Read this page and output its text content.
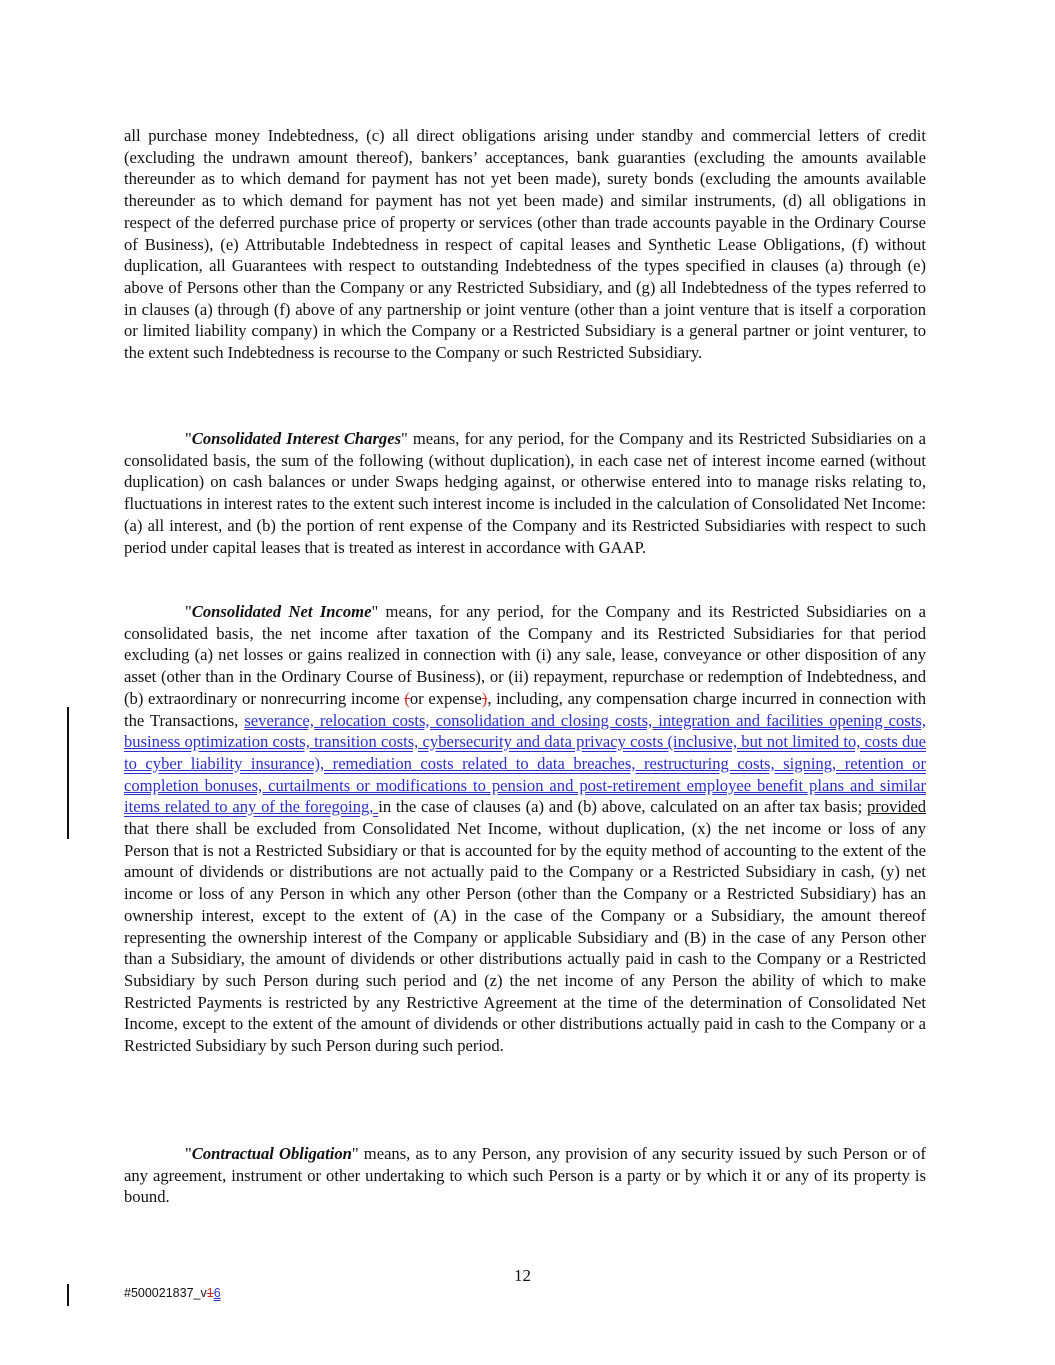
all purchase money Indebtedness, (c) all direct obligations arising under standby and commercial letters of credit (excluding the undrawn amount thereof), bankers’ acceptances, bank guaranties (excluding the amounts available thereunder as to which demand for payment has not yet been made), surety bonds (excluding the amounts available thereunder as to which demand for payment has not yet been made) and similar instruments, (d) all obligations in respect of the deferred purchase price of property or services (other than trade accounts payable in the Ordinary Course of Business), (e) Attributable Indebtedness in respect of capital leases and Synthetic Lease Obligations, (f) without duplication, all Guarantees with respect to outstanding Indebtedness of the types specified in clauses (a) through (e) above of Persons other than the Company or any Restricted Subsidiary, and (g) all Indebtedness of the types referred to in clauses (a) through (f) above of any partnership or joint venture (other than a joint venture that is itself a corporation or limited liability company) in which the Company or a Restricted Subsidiary is a general partner or joint venturer, to the extent such Indebtedness is recourse to the Company or such Restricted Subsidiary.

"Consolidated Interest Charges" means, for any period, for the Company and its Restricted Subsidiaries on a consolidated basis, the sum of the following (without duplication), in each case net of interest income earned (without duplication) on cash balances or under Swaps hedging against, or otherwise entered into to manage risks relating to, fluctuations in interest rates to the extent such interest income is included in the calculation of Consolidated Net Income: (a) all interest, and (b) the portion of rent expense of the Company and its Restricted Subsidiaries with respect to such period under capital leases that is treated as interest in accordance with GAAP.

"Consolidated Net Income" means, for any period, for the Company and its Restricted Subsidiaries on a consolidated basis, the net income after taxation of the Company and its Restricted Subsidiaries for that period excluding (a) net losses or gains realized in connection with (i) any sale, lease, conveyance or other disposition of any asset (other than in the Ordinary Course of Business), or (ii) repayment, repurchase or redemption of Indebtedness, and (b) extraordinary or nonrecurring income (or expense), including, any compensation charge incurred in connection with the Transactions, severance, relocation costs, consolidation and closing costs, integration and facilities opening costs, business optimization costs, transition costs, cybersecurity and data privacy costs (inclusive, but not limited to, costs due to cyber liability insurance), remediation costs related to data breaches, restructuring costs, signing, retention or completion bonuses, curtailments or modifications to pension and post-retirement employee benefit plans and similar items related to any of the foregoing, in the case of clauses (a) and (b) above, calculated on an after tax basis; provided that there shall be excluded from Consolidated Net Income, without duplication, (x) the net income or loss of any Person that is not a Restricted Subsidiary or that is accounted for by the equity method of accounting to the extent of the amount of dividends or distributions are not actually paid to the Company or a Restricted Subsidiary in cash, (y) net income or loss of any Person in which any other Person (other than the Company or a Restricted Subsidiary) has an ownership interest, except to the extent of (A) in the case of the Company or a Subsidiary, the amount thereof representing the ownership interest of the Company or applicable Subsidiary and (B) in the case of any Person other than a Subsidiary, the amount of dividends or other distributions actually paid in cash to the Company or a Restricted Subsidiary by such Person during such period and (z) the net income of any Person the ability of which to make Restricted Payments is restricted by any Restrictive Agreement at the time of the determination of Consolidated Net Income, except to the extent of the amount of dividends or other distributions actually paid in cash to the Company or a Restricted Subsidiary by such Person during such period.

"Contractual Obligation" means, as to any Person, any provision of any security issued by such Person or of any agreement, instrument or other undertaking to which such Person is a party or by which it or any of its property is bound.

12
#500021837_v16
